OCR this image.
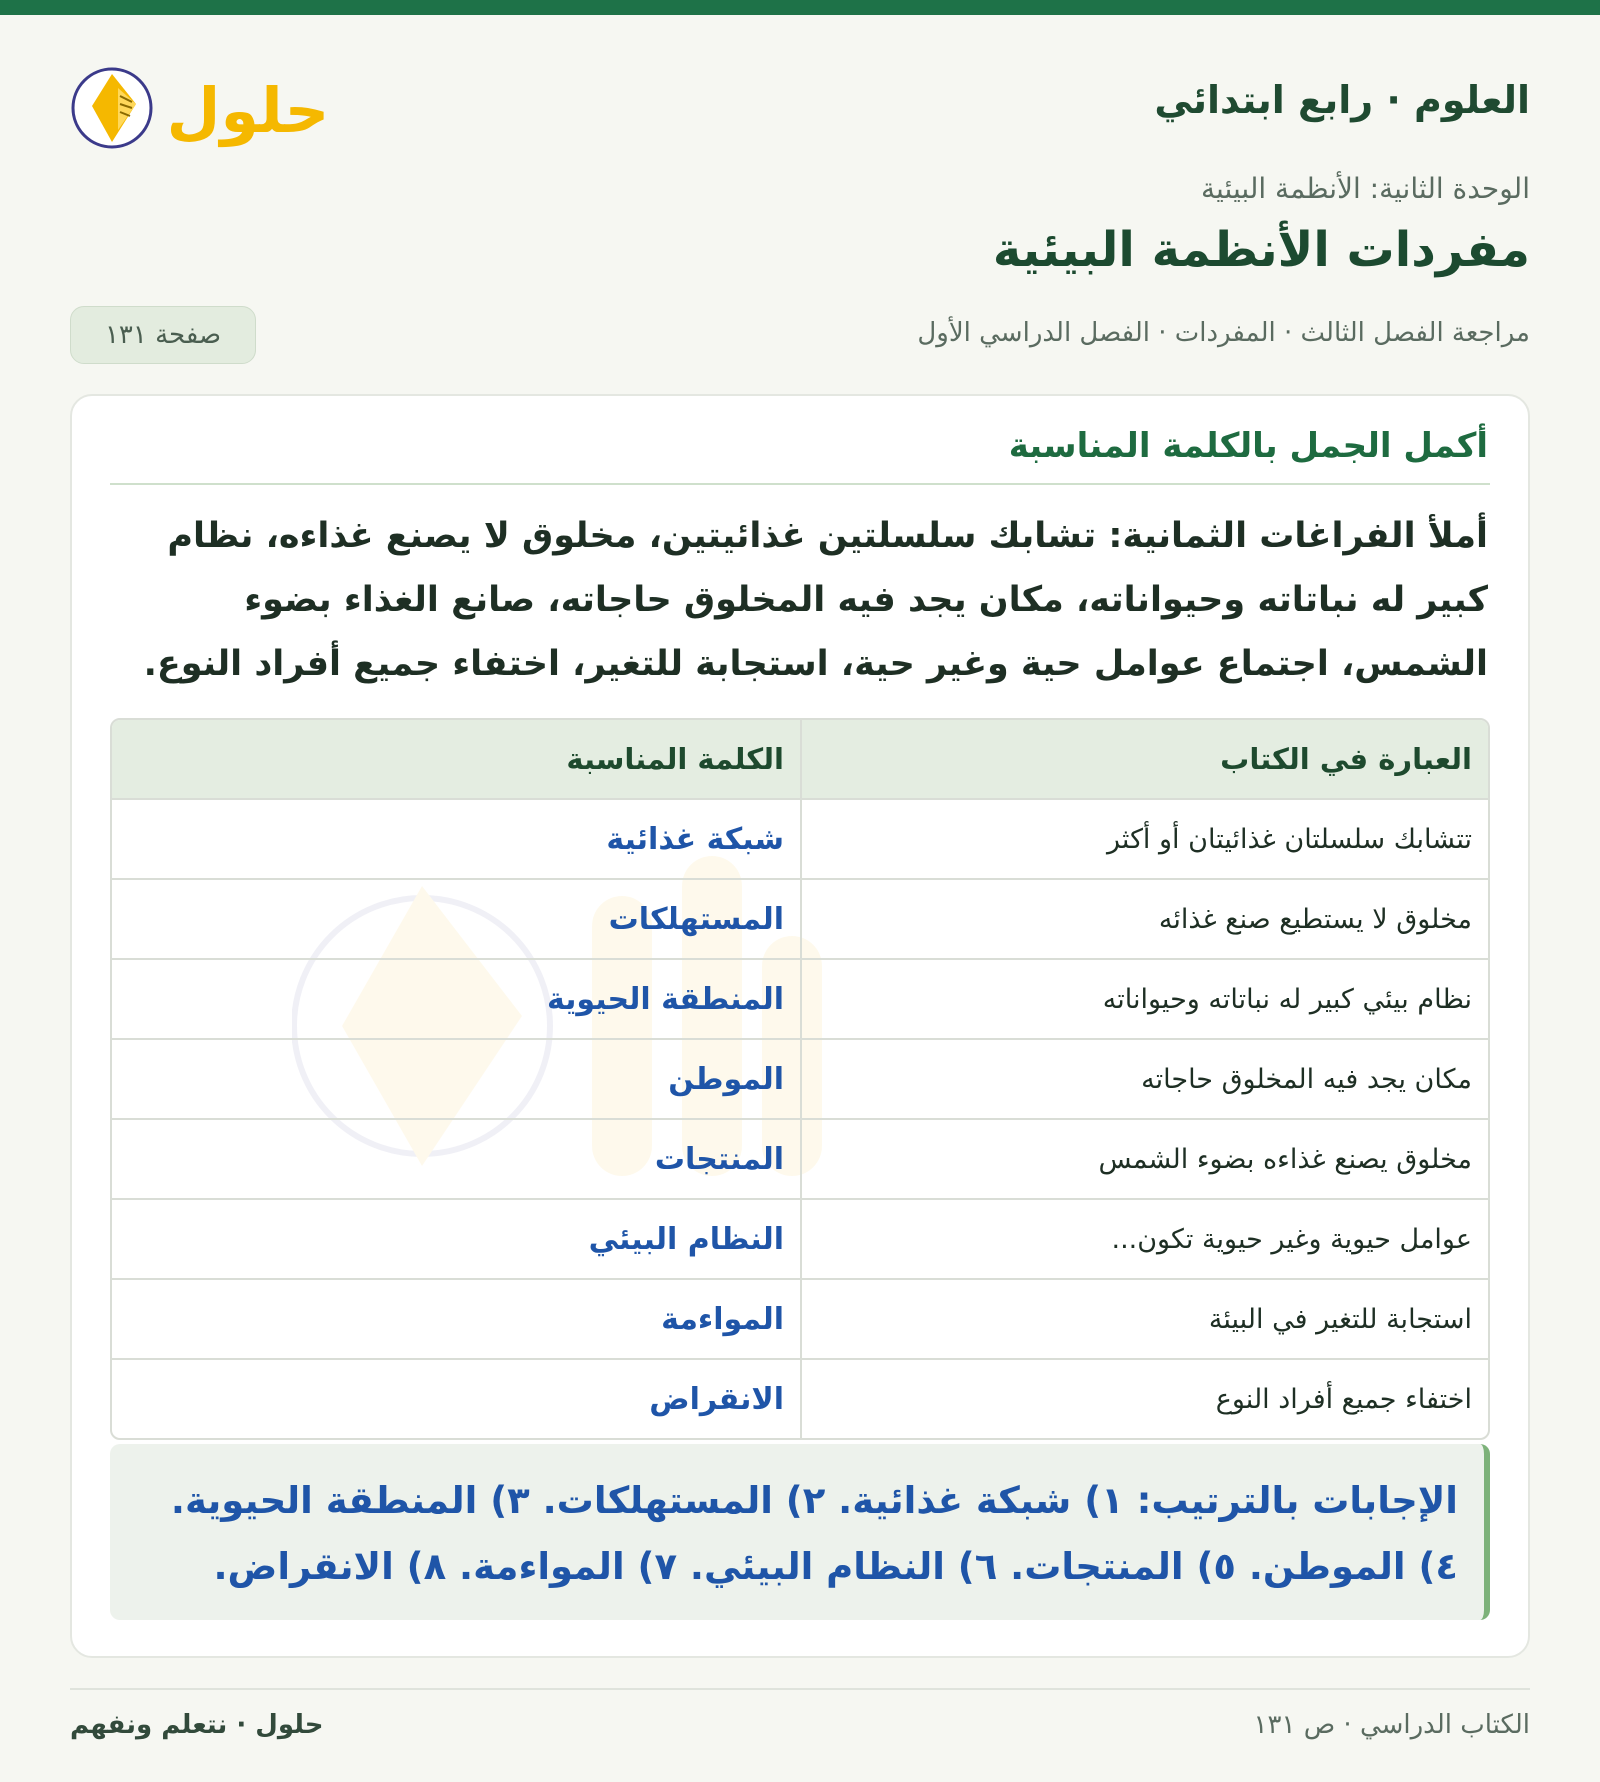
العلوم · رابع ابتدائي
حلول
الوحدة الثانية: الأنظمة البيئية
مفردات الأنظمة البيئية
مراجعة الفصل الثالث · المفردات · الفصل الدراسي الأول
صفحة ١٣١
أكمل الجمل بالكلمة المناسبة
أملأ الفراغات الثمانية: تشابك سلسلتين غذائيتين، مخلوق لا يصنع غذاءه، نظام كبير له نباتاته وحيواناته، مكان يجد فيه المخلوق حاجاته، صانع الغذاء بضوء الشمس، اجتماع عوامل حية وغير حية، استجابة للتغير، اختفاء جميع أفراد النوع.
العبارة في الكتاب
الكلمة المناسبة
تتشابك سلسلتان غذائيتان أو أكثر
شبكة غذائية
مخلوق لا يستطيع صنع غذائه
المستهلكات
نظام بيئي كبير له نباتاته وحيواناته
المنطقة الحيوية
مكان يجد فيه المخلوق حاجاته
الموطن
مخلوق يصنع غذاءه بضوء الشمس
المنتجات
عوامل حيوية وغير حيوية تكون...
النظام البيئي
استجابة للتغير في البيئة
المواءمة
اختفاء جميع أفراد النوع
الانقراض
الإجابات بالترتيب: ١) شبكة غذائية. ٢) المستهلكات. ٣) المنطقة الحيوية. ٤) الموطن. ٥) المنتجات. ٦) النظام البيئي. ٧) المواءمة. ٨) الانقراض.
حلول · نتعلم ونفهم	الكتاب الدراسي · ص ١٣١
